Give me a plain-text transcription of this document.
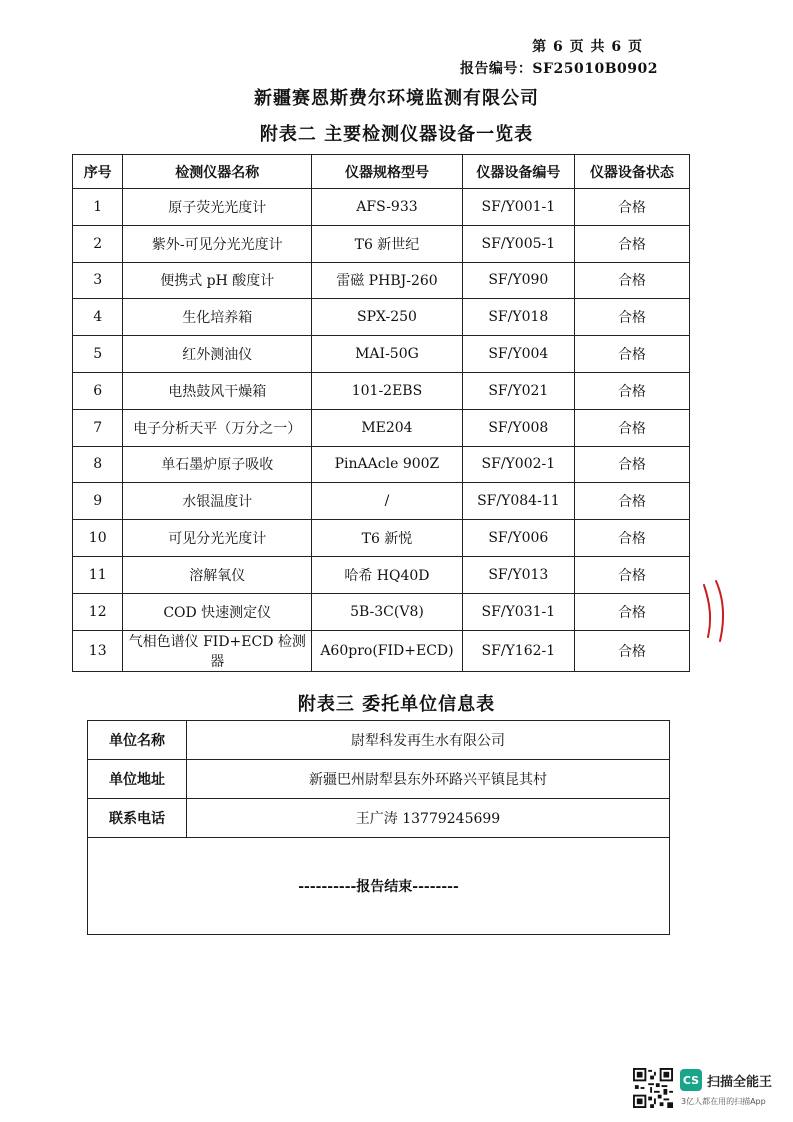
第 6 页 共 6 页
报告编号：SF25010B0902
新疆赛恩斯费尔环境监测有限公司
附表二 主要检测仪器设备一览表
序号	检测仪器名称	仪器规格型号	仪器设备编号	仪器设备状态
1	原子荧光光度计	AFS-933	SF/Y001-1	合格
2	紫外-可见分光光度计	T6 新世纪	SF/Y005-1	合格
3	便携式 pH 酸度计	雷磁 PHBJ-260	SF/Y090	合格
4	生化培养箱	SPX-250	SF/Y018	合格
5	红外测油仪	MAI-50G	SF/Y004	合格
6	电热鼓风干燥箱	101-2EBS	SF/Y021	合格
7	电子分析天平（万分之一）	ME204	SF/Y008	合格
8	单石墨炉原子吸收	PinAAcle 900Z	SF/Y002-1	合格
9	水银温度计	/	SF/Y084-11	合格
10	可见分光光度计	T6 新悦	SF/Y006	合格
11	溶解氧仪	哈希 HQ40D	SF/Y013	合格
12	COD 快速测定仪	5B-3C(V8)	SF/Y031-1	合格
13	气相色谱仪 FID+ECD 检测器	A60pro(FID+ECD)	SF/Y162-1	合格
附表三 委托单位信息表
单位名称	尉犁科发再生水有限公司
单位地址	新疆巴州尉犁县东外环路兴平镇昆其村
联系电话	王广涛 13779245699
----------报告结束--------	
CS 扫描全能王
3亿人都在用的扫描App
